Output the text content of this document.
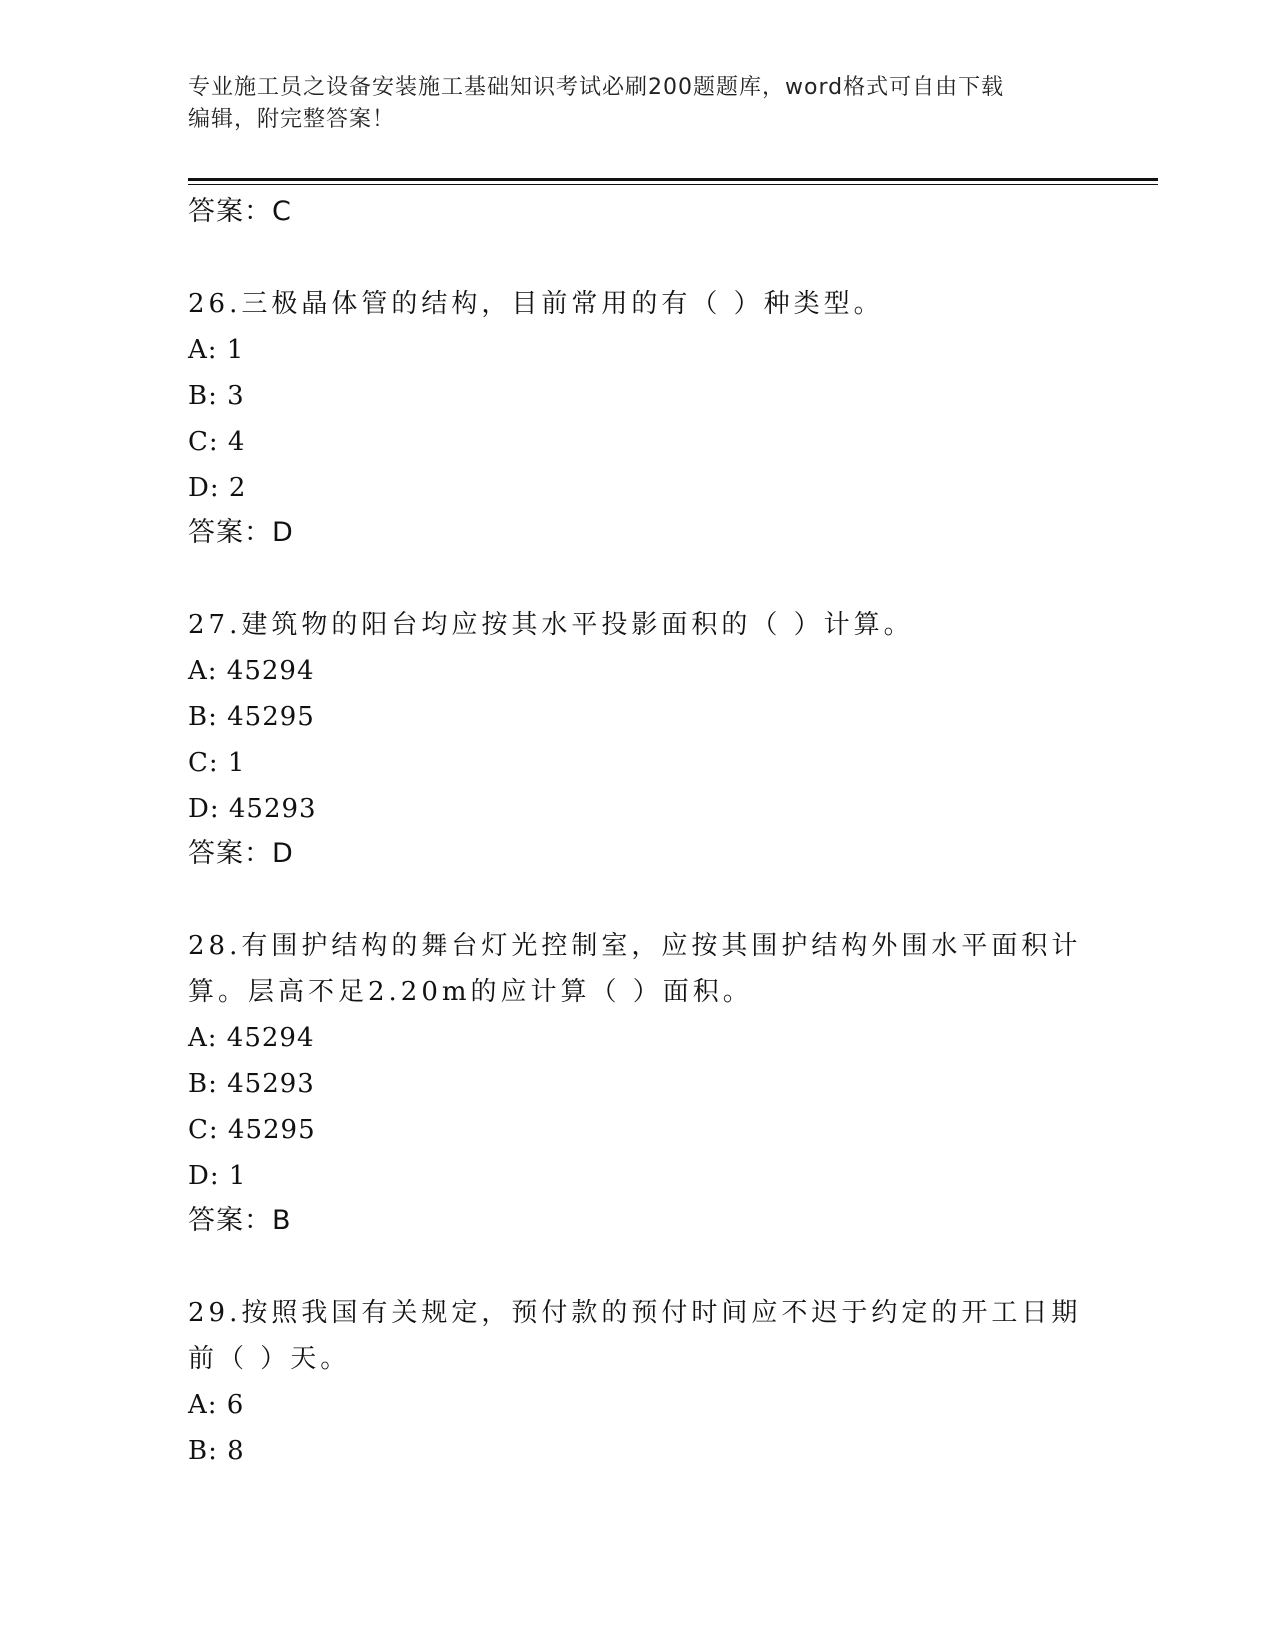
专业施工员之设备安装施工基础知识考试必刷200题题库，word格式可自由下载
编辑，附完整答案！
答案：C
26.三极晶体管的结构，目前常用的有（ ）种类型。
A: 1
B: 3
C: 4
D: 2
答案：D
27.建筑物的阳台均应按其水平投影面积的（ ）计算。
A: 45294
B: 45295
C: 1
D: 45293
答案：D
28.有围护结构的舞台灯光控制室，应按其围护结构外围水平面积计算。层高不足2.20m的应计算（ ）面积。
A: 45294
B: 45293
C: 45295
D: 1
答案：B
29.按照我国有关规定，预付款的预付时间应不迟于约定的开工日期前（ ）天。
A: 6
B: 8
